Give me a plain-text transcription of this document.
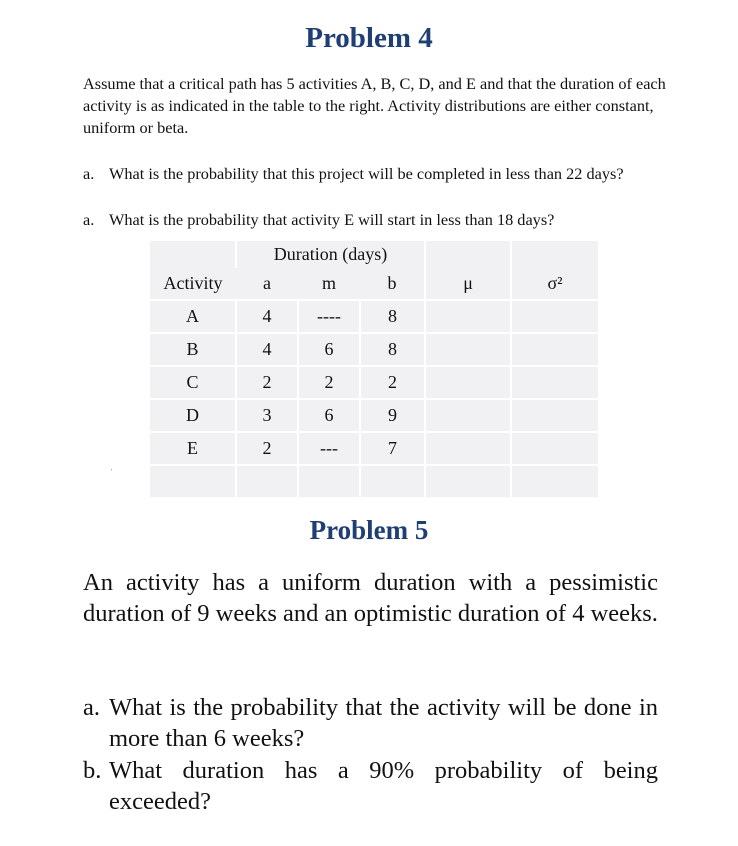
Problem 4

Assume that a critical path has 5 activities A, B, C, D, and E and that the duration of each activity is as indicated in the table to the right. Activity distributions are either constant, uniform or beta.

a. What is the probability that this project will be completed in less than 22 days?

a. What is the probability that activity E will start in less than 18 days?

	Duration (days)				
Activity	a	m	b	μ	σ²
A	4	----	8		
B	4	6	8		
C	2	2	2		
D	3	6	9		
E	2	---	7		

ˈ
Problem 5

An activity has a uniform duration with a pessimistic duration of 9 weeks and an optimistic duration of 4 weeks.

a. What is the probability that the activity will be done in more than 6 weeks?
b. What duration has a 90% probability of being exceeded?
